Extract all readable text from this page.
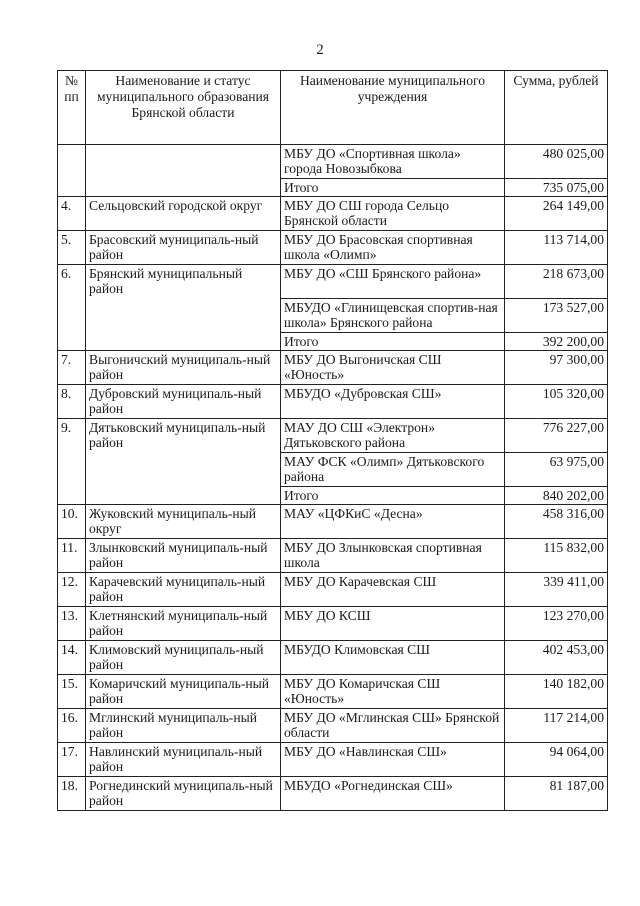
2
№
пп	Наименование и статус муниципального образования Брянской области	Наименование муниципального учреждения	Сумма, рублей
		МБУ ДО «Спортивная школа» города Новозыбкова	480 025,00
		Итого	735 075,00
4.	Сельцовский городской округ	МБУ ДО СШ города Сельцо Брянской области	264 149,00
5.	Брасовский муниципаль-ный район	МБУ ДО Брасовская спортивная школа «Олимп»	113 714,00
6.	Брянский муниципальный район	МБУ ДО «СШ Брянского района»	218 673,00
		МБУДО «Глинищевская спортив-ная школа» Брянского района	173 527,00
		Итого	392 200,00
7.	Выгоничский муниципаль-ный район	МБУ ДО Выгоничская СШ «Юность»	97 300,00
8.	Дубровский муниципаль-ный район	МБУДО «Дубровская СШ»	105 320,00
9.	Дятьковский муниципаль-ный район	МАУ ДО СШ «Электрон» Дятьковского района	776 227,00
		МАУ ФСК «Олимп» Дятьковского района	63 975,00
		Итого	840 202,00
10.	Жуковский муниципаль-ный округ	МАУ «ЦФКиС «Десна»	458 316,00
11.	Злынковский муниципаль-ный район	МБУ ДО Злынковская спортивная школа	115 832,00
12.	Карачевский муниципаль-ный район	МБУ ДО Карачевская СШ	339 411,00
13.	Клетнянский муниципаль-ный район	МБУ ДО КСШ	123 270,00
14.	Климовский муниципаль-ный район	МБУДО Климовская СШ	402 453,00
15.	Комаричский муниципаль-ный район	МБУ ДО Комаричская СШ «Юность»	140 182,00
16.	Мглинский муниципаль-ный район	МБУ ДО «Мглинская СШ» Брянской области	117 214,00
17.	Навлинский муниципаль-ный район	МБУ ДО «Навлинская СШ»	94 064,00
18.	Рогнединский муниципаль-ный район	МБУДО «Рогнединская СШ»	81 187,00
